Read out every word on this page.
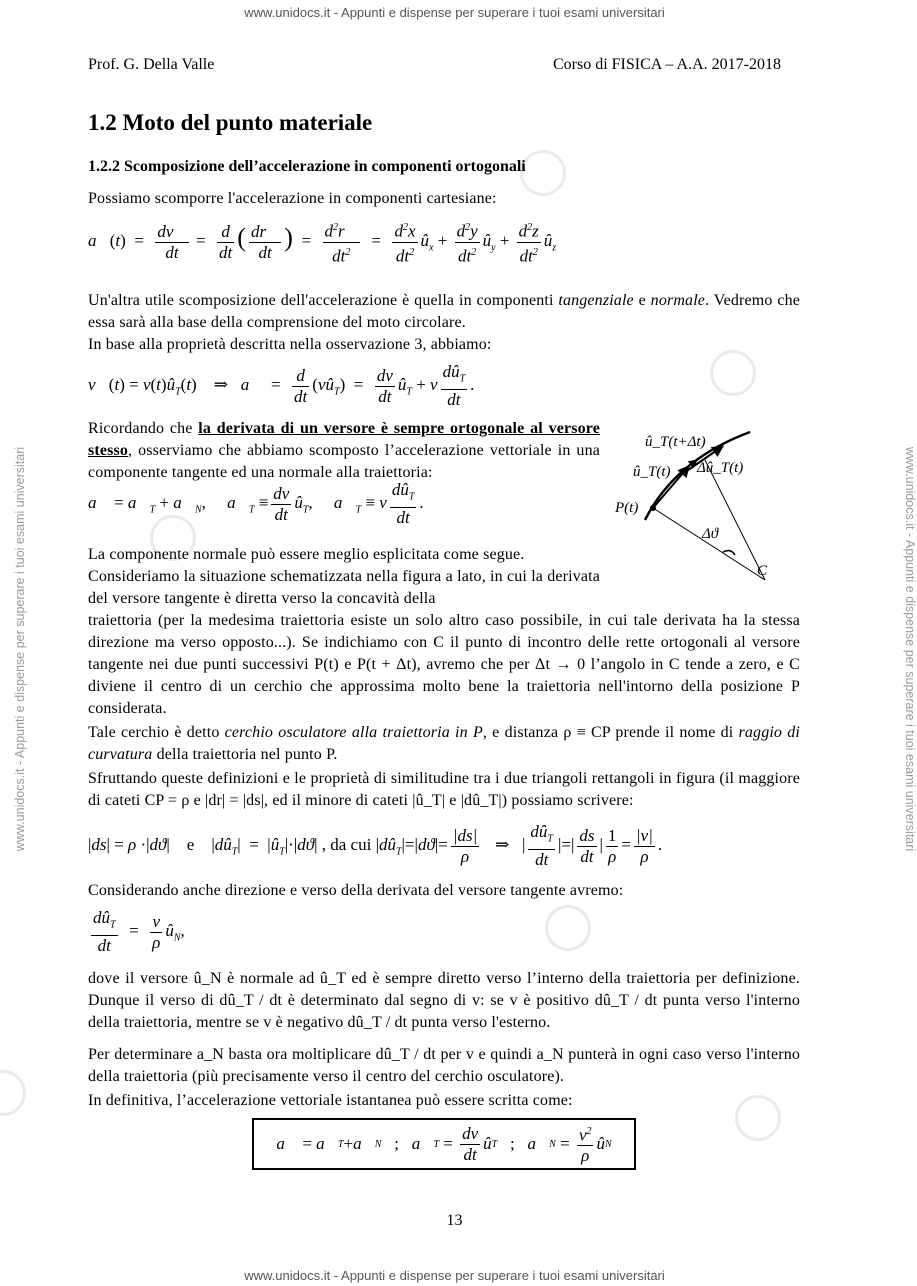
www.unidocs.it - Appunti e dispense per superare i tuoi esami universitari
www.unidocs.it - Appunti e dispense per superare i tuoi esami universitari
www.unidocs.it - Appunti e dispense per superare i tuoi esami universitari	www.unidocs.it - Appunti e dispense per superare i tuoi esami universitari
Prof. G. Della Valle	Corso di FISICA – A.A. 2017-2018
1.2 Moto del punto materiale
1.2.2 Scomposizione dell’accelerazione in componenti ortogonali
Possiamo scomporre l'accelerazione in componenti cartesiane:
a⃗(t)  = $\frac{dv⃗}{dt} = \frac{d}{dt}$ ( $\frac{dr⃗}{dt}$ )  = $\frac{d^2r⃗}{dt^2} = \frac{d^2x}{dt^2}$ $û_x + \frac{d^2y}{dt^2}$ $û_y + \frac{d^2z}{dt^2}$ $û_z$
Un'altra utile scomposizione dell'accelerazione è quella in componenti tangenziale e normale. Vedremo che essa sarà alla base della comprensione del moto circolare.
In base alla proprietà descritta nella osservazione 3, abbiamo:
v⃗(t) = $v(t)û_T(t)$    ⇒   a⃗  = $\frac{d}{dt}$ $(vû_T) = \frac{dv}{dt}$ $û_T + v \frac{dû_T}{dt}$ .
Ricordando che la derivata di un versore è sempre ortogonale al versore stesso, osserviamo che abbiamo scomposto l’accelerazione vettoriale in una componente tangente ed una normale alla traiettoria:
a⃗ = $a⃗_T$ + $a⃗_N$,     $a⃗_T \equiv \frac{dv}{dt}$ $û_T$,     $a⃗_T \equiv v \frac{dû_T}{dt}$ .
û_T(t+Δt)
û_T(t) Δû_T(t)
P(t)
Δϑ
C
La componente normale può essere meglio esplicitata come segue.
Consideriamo la situazione schematizzata nella figura a lato, in cui la derivata del versore tangente è diretta verso la concavità della
traiettoria (per la medesima traiettoria esiste un solo altro caso possibile, in cui tale derivata ha la stessa direzione ma verso opposto...). Se indichiamo con C il punto di incontro delle rette ortogonali al versore tangente nei due punti successivi P(t) e P(t + Δt), avremo che per Δt → 0 l’angolo in C tende a zero, e C diviene il centro di un cerchio che approssima molto bene la traiettoria nell'intorno della posizione P considerata.
Tale cerchio è detto cerchio osculatore alla traiettoria in P, e distanza ρ ≡ CP prende il nome di raggio di curvatura della traiettoria nel punto P.
Sfruttando queste definizioni e le proprietà di similitudine tra i due triangoli rettangoli in figura (il maggiore di cateti CP = ρ e |dr| = |ds|, ed il minore di cateti |û_T| e |dû_T|) possiamo scrivere:
|ds| = ρ ·|dϑ|    e    $|dû_T|$  =  $|û_T|\cdot|dϑ|$ , da cui $|dû_T|=|dϑ|= \frac{|ds|}{\rho}$ ⇒   | $\frac{dû_T}{dt}$ |=| $\frac{ds}{dt}$ | $\frac{1}{\rho} = \frac{|v|}{\rho}$ .
Considerando anche direzione e verso della derivata del versore tangente avremo:
$\frac{dû_T}{dt} = \frac{v}{\rho}$ $û_N$,
dove il versore û_N è normale ad û_T ed è sempre diretto verso l’interno della traiettoria per definizione. Dunque il verso di dû_T / dt è determinato dal segno di v: se v è positivo dû_T / dt punta verso l'interno della traiettoria, mentre se v è negativo dû_T / dt punta verso l'esterno.
Per determinare a_N basta ora moltiplicare dû_T / dt per v e quindi a_N punterà in ogni caso verso l'interno della traiettoria (più precisamente verso il centro del cerchio osculatore).
In definitiva, l’accelerazione vettoriale istantanea può essere scritta come:
a⃗ = a⃗ T + a⃗ N ; a⃗ $T = \frac{dv}{dt}$ û T ; a⃗ $N = \frac{v^2}{\rho}$ û N
13
